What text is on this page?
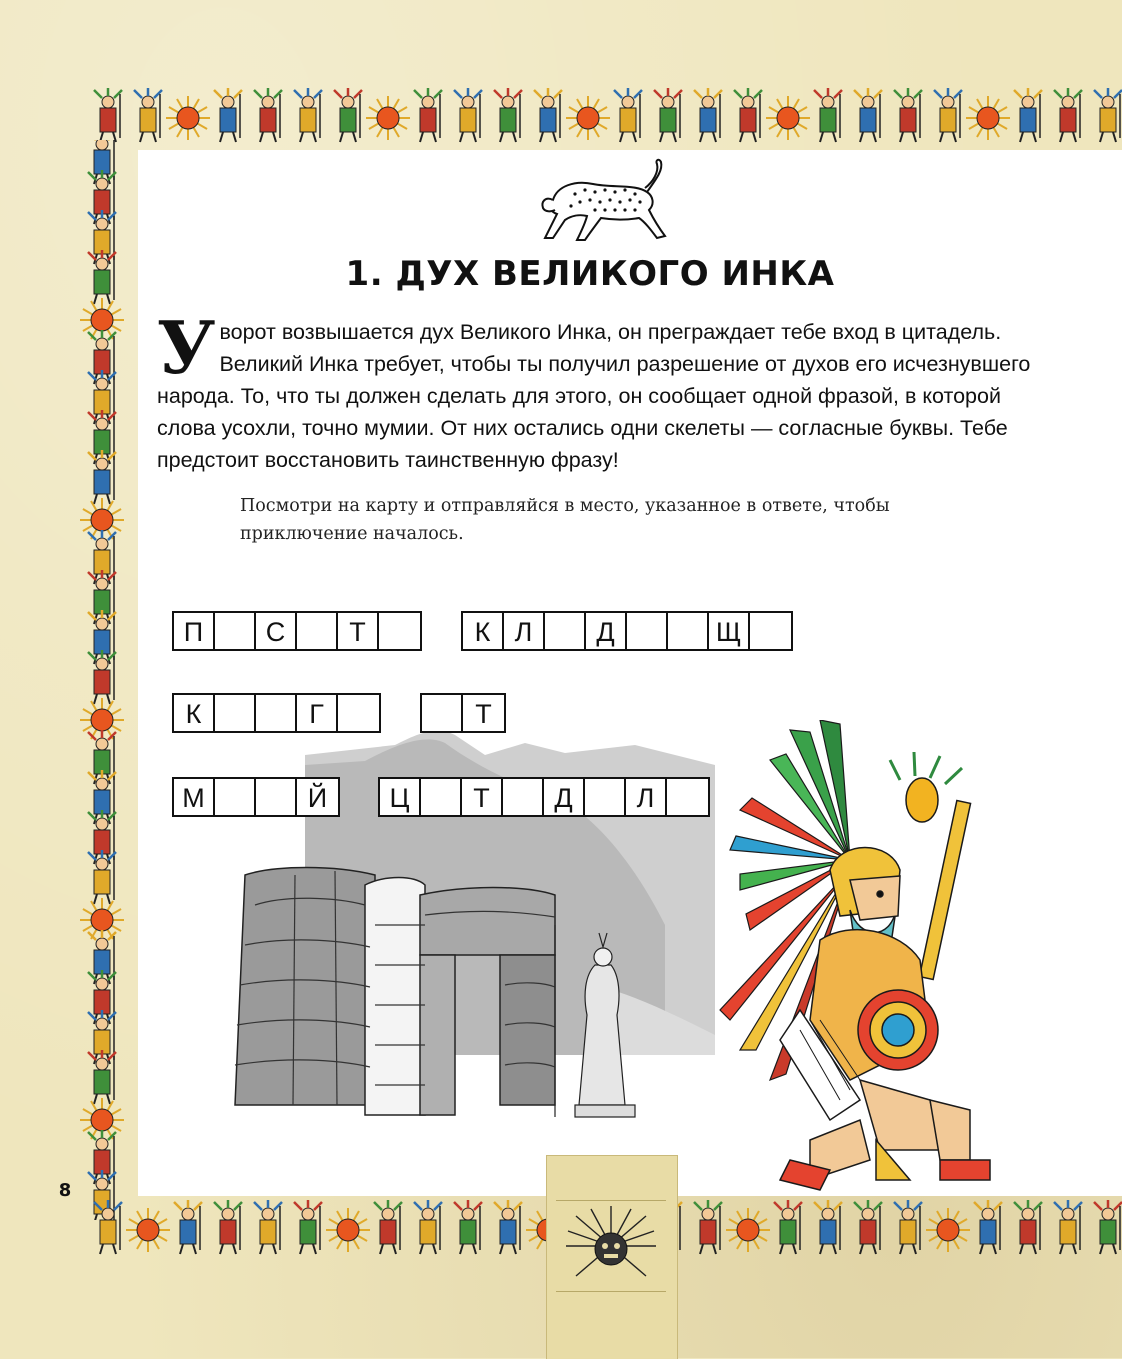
1. ДУХ ВЕЛИКОГО ИНКА
Уворот возвышается дух Великого Инка, он преграждает тебе вход в цитадель. Великий Инка требует, чтобы ты получил разрешение от духов его исчезнувшего народа. То, что ты должен сделать для этого, он сообщает одной фразой, в которой слова усохли, точно мумии. От них остались одни скелеты — согласные буквы. Тебе предстоит восстановить таинственную фразу!
Посмотри на карту и отправляйся в место, указанное в ответе, чтобы приключение началось.
П	С	Т	К Л	Д	Щ
К	Г	Т
М	Й	Ц	Т	Д	Л
8
